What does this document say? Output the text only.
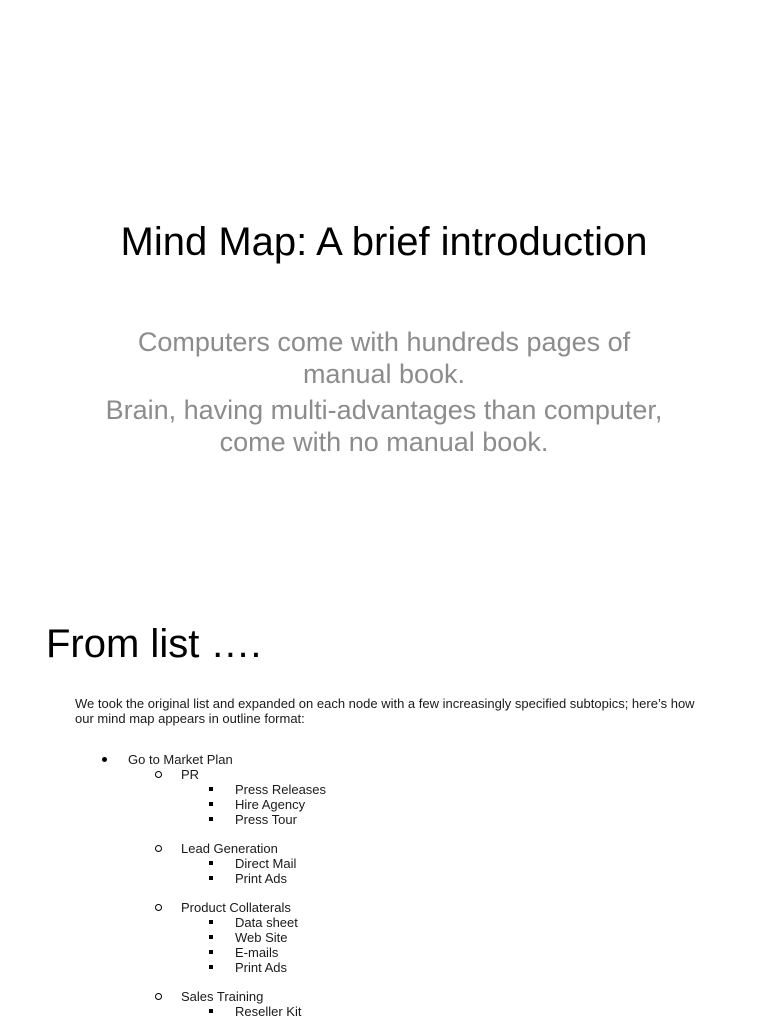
Mind Map: A brief introduction

Computers come with hundreds pages of manual book.

Brain, having multi-advantages than computer, come with no manual book.

From list ….

We took the original list and expanded on each node with a few increasingly specified subtopics; here’s how our mind map appears in outline format:

Go to Market Plan
PR
Press Releases
Hire Agency
Press Tour
Lead Generation
Direct Mail
Print Ads
Product Collaterals
Data sheet
Web Site
E-mails
Print Ads
Sales Training
Reseller Kit
